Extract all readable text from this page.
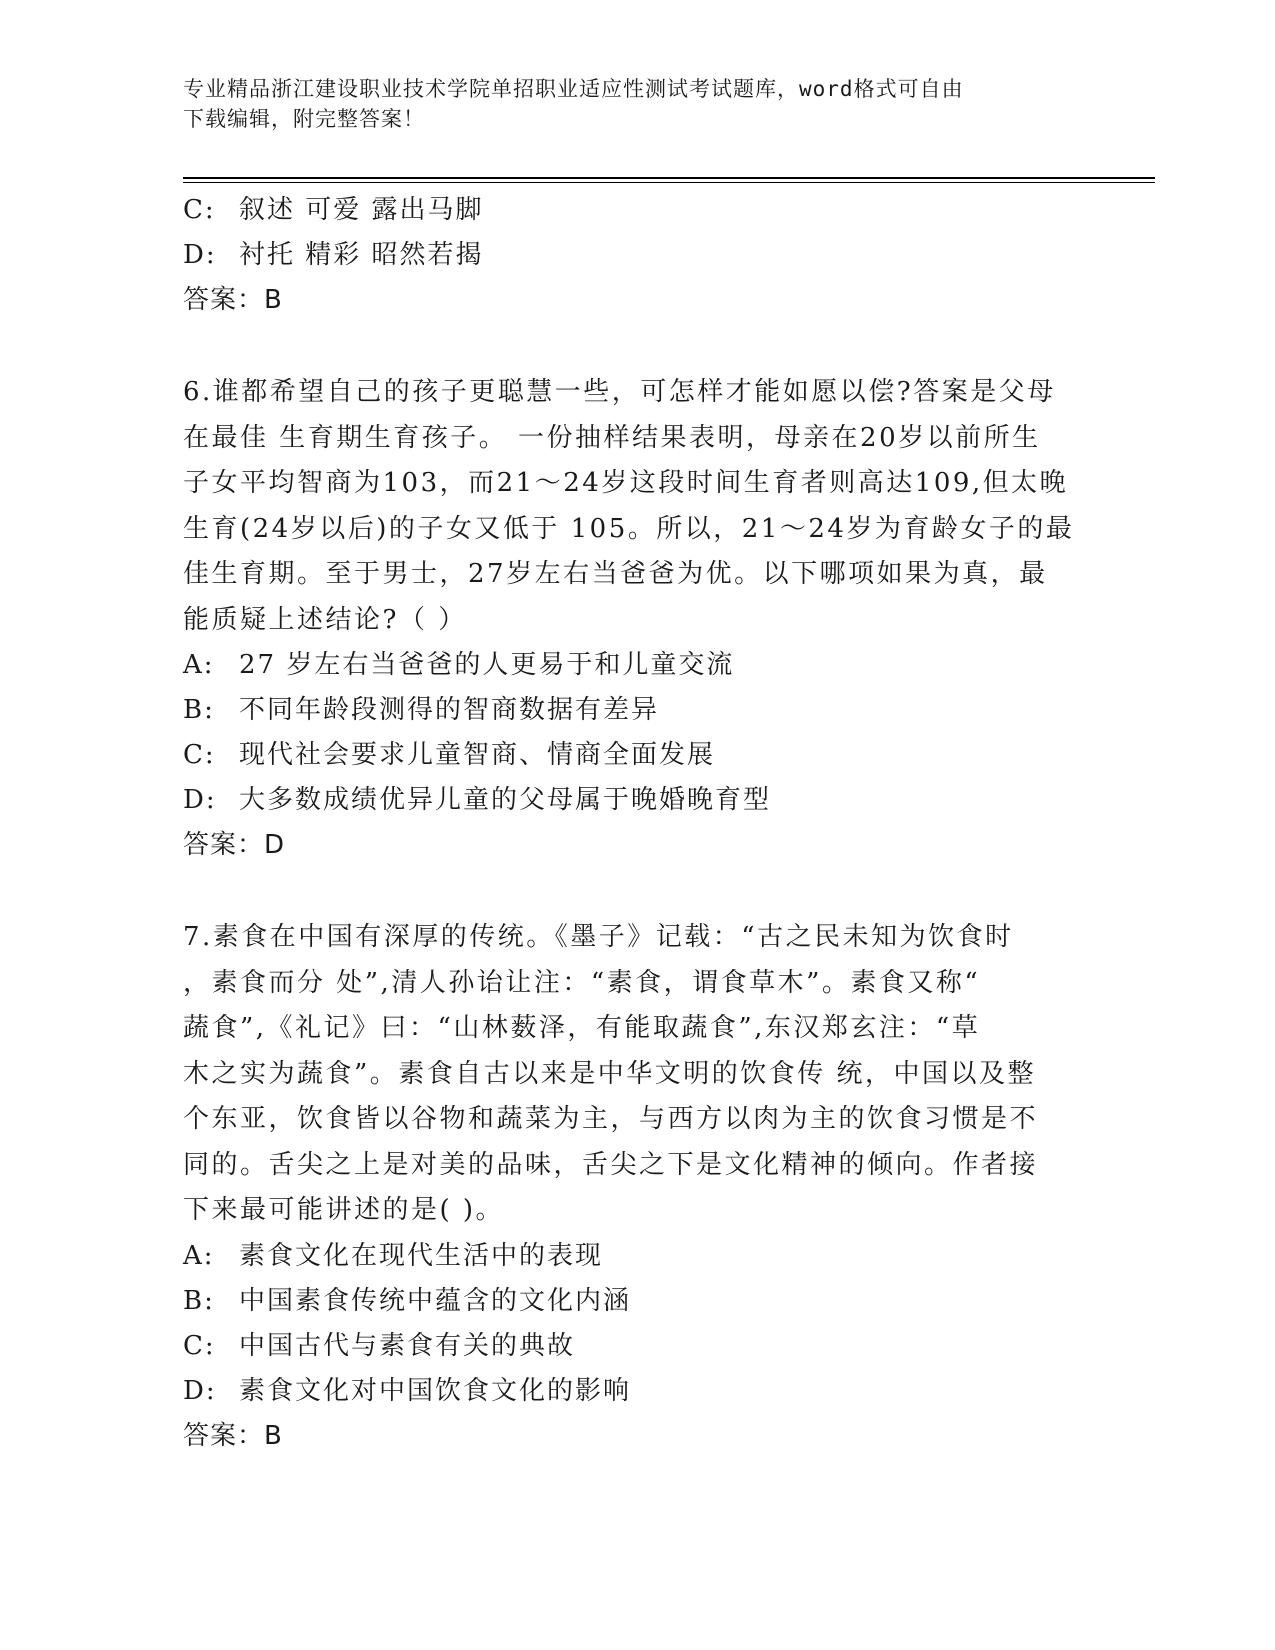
专业精品浙江建设职业技术学院单招职业适应性测试考试题库，word格式可自由
下载编辑，附完整答案！
C: 叙述 可爱 露出马脚
D: 衬托 精彩 昭然若揭
答案：B
6.谁都希望自己的孩子更聪慧一些，可怎样才能如愿以偿?答案是父母
在最佳 生育期生育孩子。 一份抽样结果表明，母亲在20岁以前所生
子女平均智商为103，而21～24岁这段时间生育者则高达109,但太晚
生育(24岁以后)的子女又低于 105。所以，21～24岁为育龄女子的最
佳生育期。至于男士，27岁左右当爸爸为优。以下哪项如果为真，最
能质疑上述结论?（ ）
A: 27 岁左右当爸爸的人更易于和儿童交流
B: 不同年龄段测得的智商数据有差异
C: 现代社会要求儿童智商、情商全面发展
D: 大多数成绩优异儿童的父母属于晚婚晚育型
答案：D
7.素食在中国有深厚的传统。《墨子》记载：“古之民未知为饮食时
，素食而分 处”,清人孙诒让注：“素食，谓食草木”。素食又称“
蔬食”,《礼记》曰：“山林薮泽，有能取蔬食”,东汉郑玄注：“草
木之实为蔬食”。素食自古以来是中华文明的饮食传 统，中国以及整
个东亚，饮食皆以谷物和蔬菜为主，与西方以肉为主的饮食习惯是不
同的。舌尖之上是对美的品味，舌尖之下是文化精神的倾向。作者接
下来最可能讲述的是( )。
A: 素食文化在现代生活中的表现
B: 中国素食传统中蕴含的文化内涵
C: 中国古代与素食有关的典故
D: 素食文化对中国饮食文化的影响
答案：B
